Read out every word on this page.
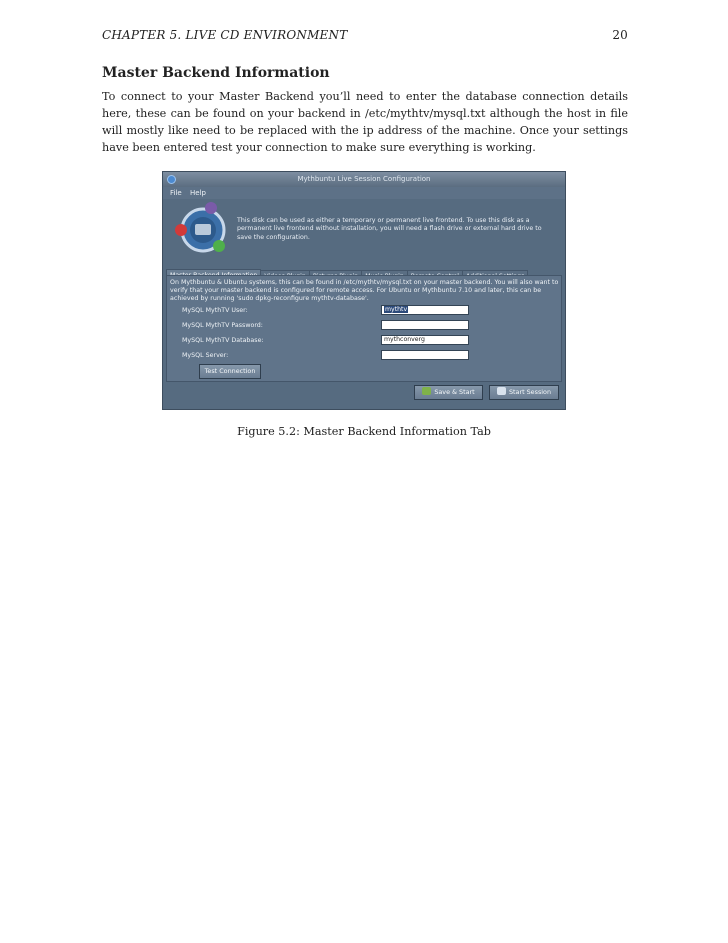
CHAPTER 5. LIVE CD ENVIRONMENT	20
Master Backend Information
To connect to your Master Backend you’ll need to enter the database connection details here, these can be found on your backend in /etc/mythtv/mysql.txt although the host in file will mostly like need to be replaced with the ip address of the machine. Once your settings have been entered test your connection to make sure everything is working.
Mythbuntu Live Session Configuration
File Help
This disk can be used as either a temporary or permanent live frontend. To use this disk as a permanent live frontend without installation, you will need a flash drive or external hard drive to save the configuration.
On Mythbuntu & Ubuntu systems, this can be found in /etc/mythtv/mysql.txt on your master backend. You will also want to verify that your master backend is configured for remote access. For Ubuntu or Mythbuntu 7.10 and later, this can be achieved by running 'sudo dpkg-reconfigure mythtv-database'.
MySQL MythTV User:	mythtv
MySQL MythTV Password:
MySQL MythTV Database:	mythconverg
MySQL Server:
Test Connection
Save & Start	Start Session
Figure 5.2: Master Backend Information Tab
